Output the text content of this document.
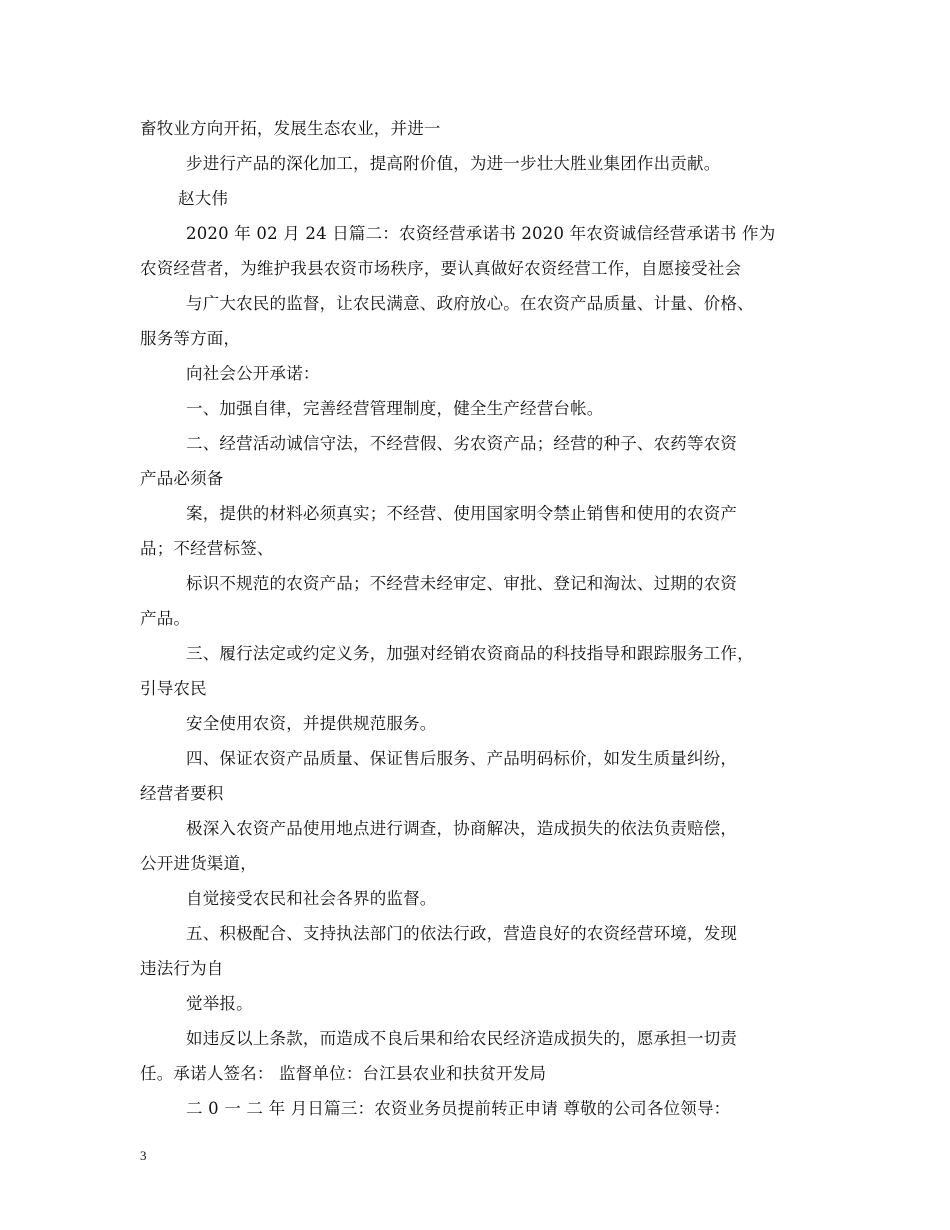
畜牧业方向开拓，发展生态农业，并进一
步进行产品的深化加工，提高附价值，为进一步壮大胜业集团作出贡献。
赵大伟
2020 年 02 月 24 日篇二：农资经营承诺书 2020 年农资诚信经营承诺书 作为
农资经营者，为维护我县农资市场秩序，要认真做好农资经营工作，自愿接受社会
与广大农民的监督，让农民满意、政府放心。在农资产品质量、计量、价格、
服务等方面，
向社会公开承诺：
一、加强自律，完善经营管理制度，健全生产经营台帐。
二、经营活动诚信守法，不经营假、劣农资产品；经营的种子、农药等农资
产品必须备
案，提供的材料必须真实；不经营、使用国家明令禁止销售和使用的农资产
品；不经营标签、
标识不规范的农资产品；不经营未经审定、审批、登记和淘汰、过期的农资
产品。
三、履行法定或约定义务，加强对经销农资商品的科技指导和跟踪服务工作，
引导农民
安全使用农资，并提供规范服务。
四、保证农资产品质量、保证售后服务、产品明码标价，如发生质量纠纷，
经营者要积
极深入农资产品使用地点进行调查，协商解决，造成损失的依法负责赔偿，
公开进货渠道，
自觉接受农民和社会各界的监督。
五、积极配合、支持执法部门的依法行政，营造良好的农资经营环境，发现
违法行为自
觉举报。
如违反以上条款，而造成不良后果和给农民经济造成损失的，愿承担一切责
任。承诺人签名： 监督单位：台江县农业和扶贫开发局
二 0 一 二 年 月日篇三：农资业务员提前转正申请 尊敬的公司各位领导：
3
